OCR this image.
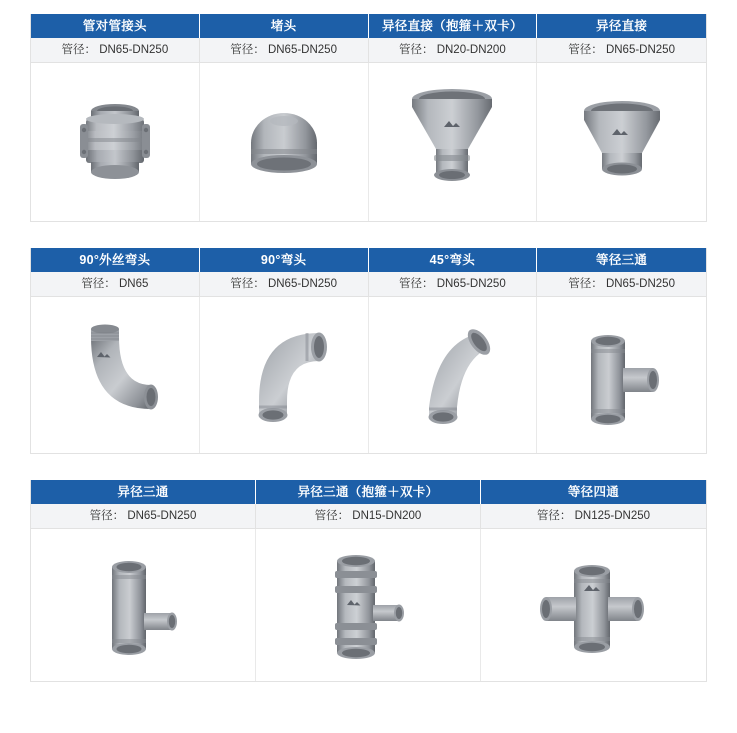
管对管接头	堵头	异径直接（抱箍＋双卡）	异径直接
管径： DN65-DN250	管径： DN65-DN250	管径： DN20-DN200	管径： DN65-DN250
90°外丝弯头	90°弯头	45°弯头	等径三通
管径： DN65	管径： DN65-DN250	管径： DN65-DN250	管径： DN65-DN250
异径三通	异径三通（抱箍＋双卡）	等径四通
管径： DN65-DN250	管径： DN15-DN200	管径： DN125-DN250
